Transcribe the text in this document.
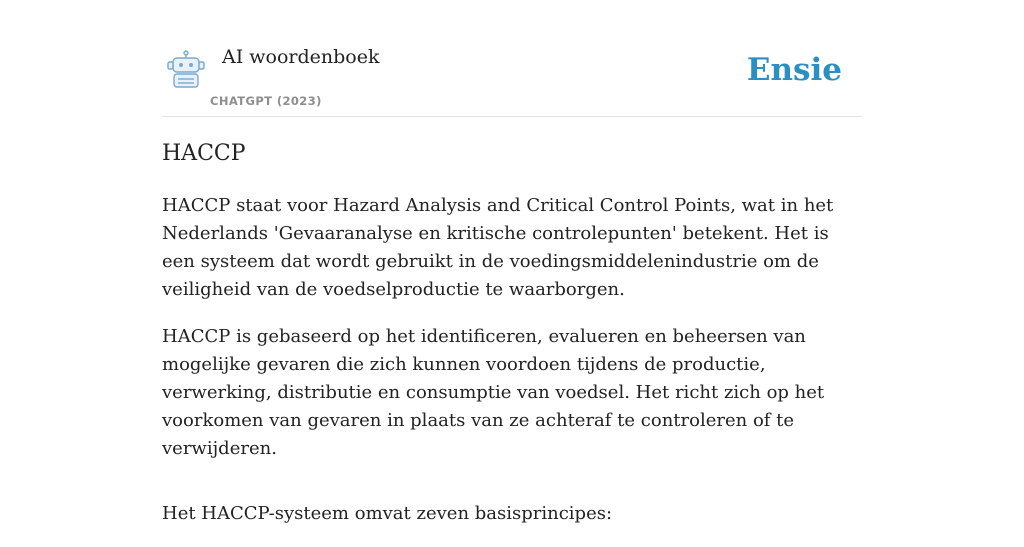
AI woordenboek
CHATGPT (2023)
Ensie
HACCP

HACCP staat voor Hazard Analysis and Critical Control Points, wat in het Nederlands 'Gevaaranalyse en kritische controlepunten' betekent. Het is een systeem dat wordt gebruikt in de voedingsmiddelenindustrie om de veiligheid van de voedselproductie te waarborgen.

HACCP is gebaseerd op het identificeren, evalueren en beheersen van mogelijke gevaren die zich kunnen voordoen tijdens de productie, verwerking, distributie en consumptie van voedsel. Het richt zich op het voorkomen van gevaren in plaats van ze achteraf te controleren of te verwijderen.

Het HACCP-systeem omvat zeven basisprincipes:
